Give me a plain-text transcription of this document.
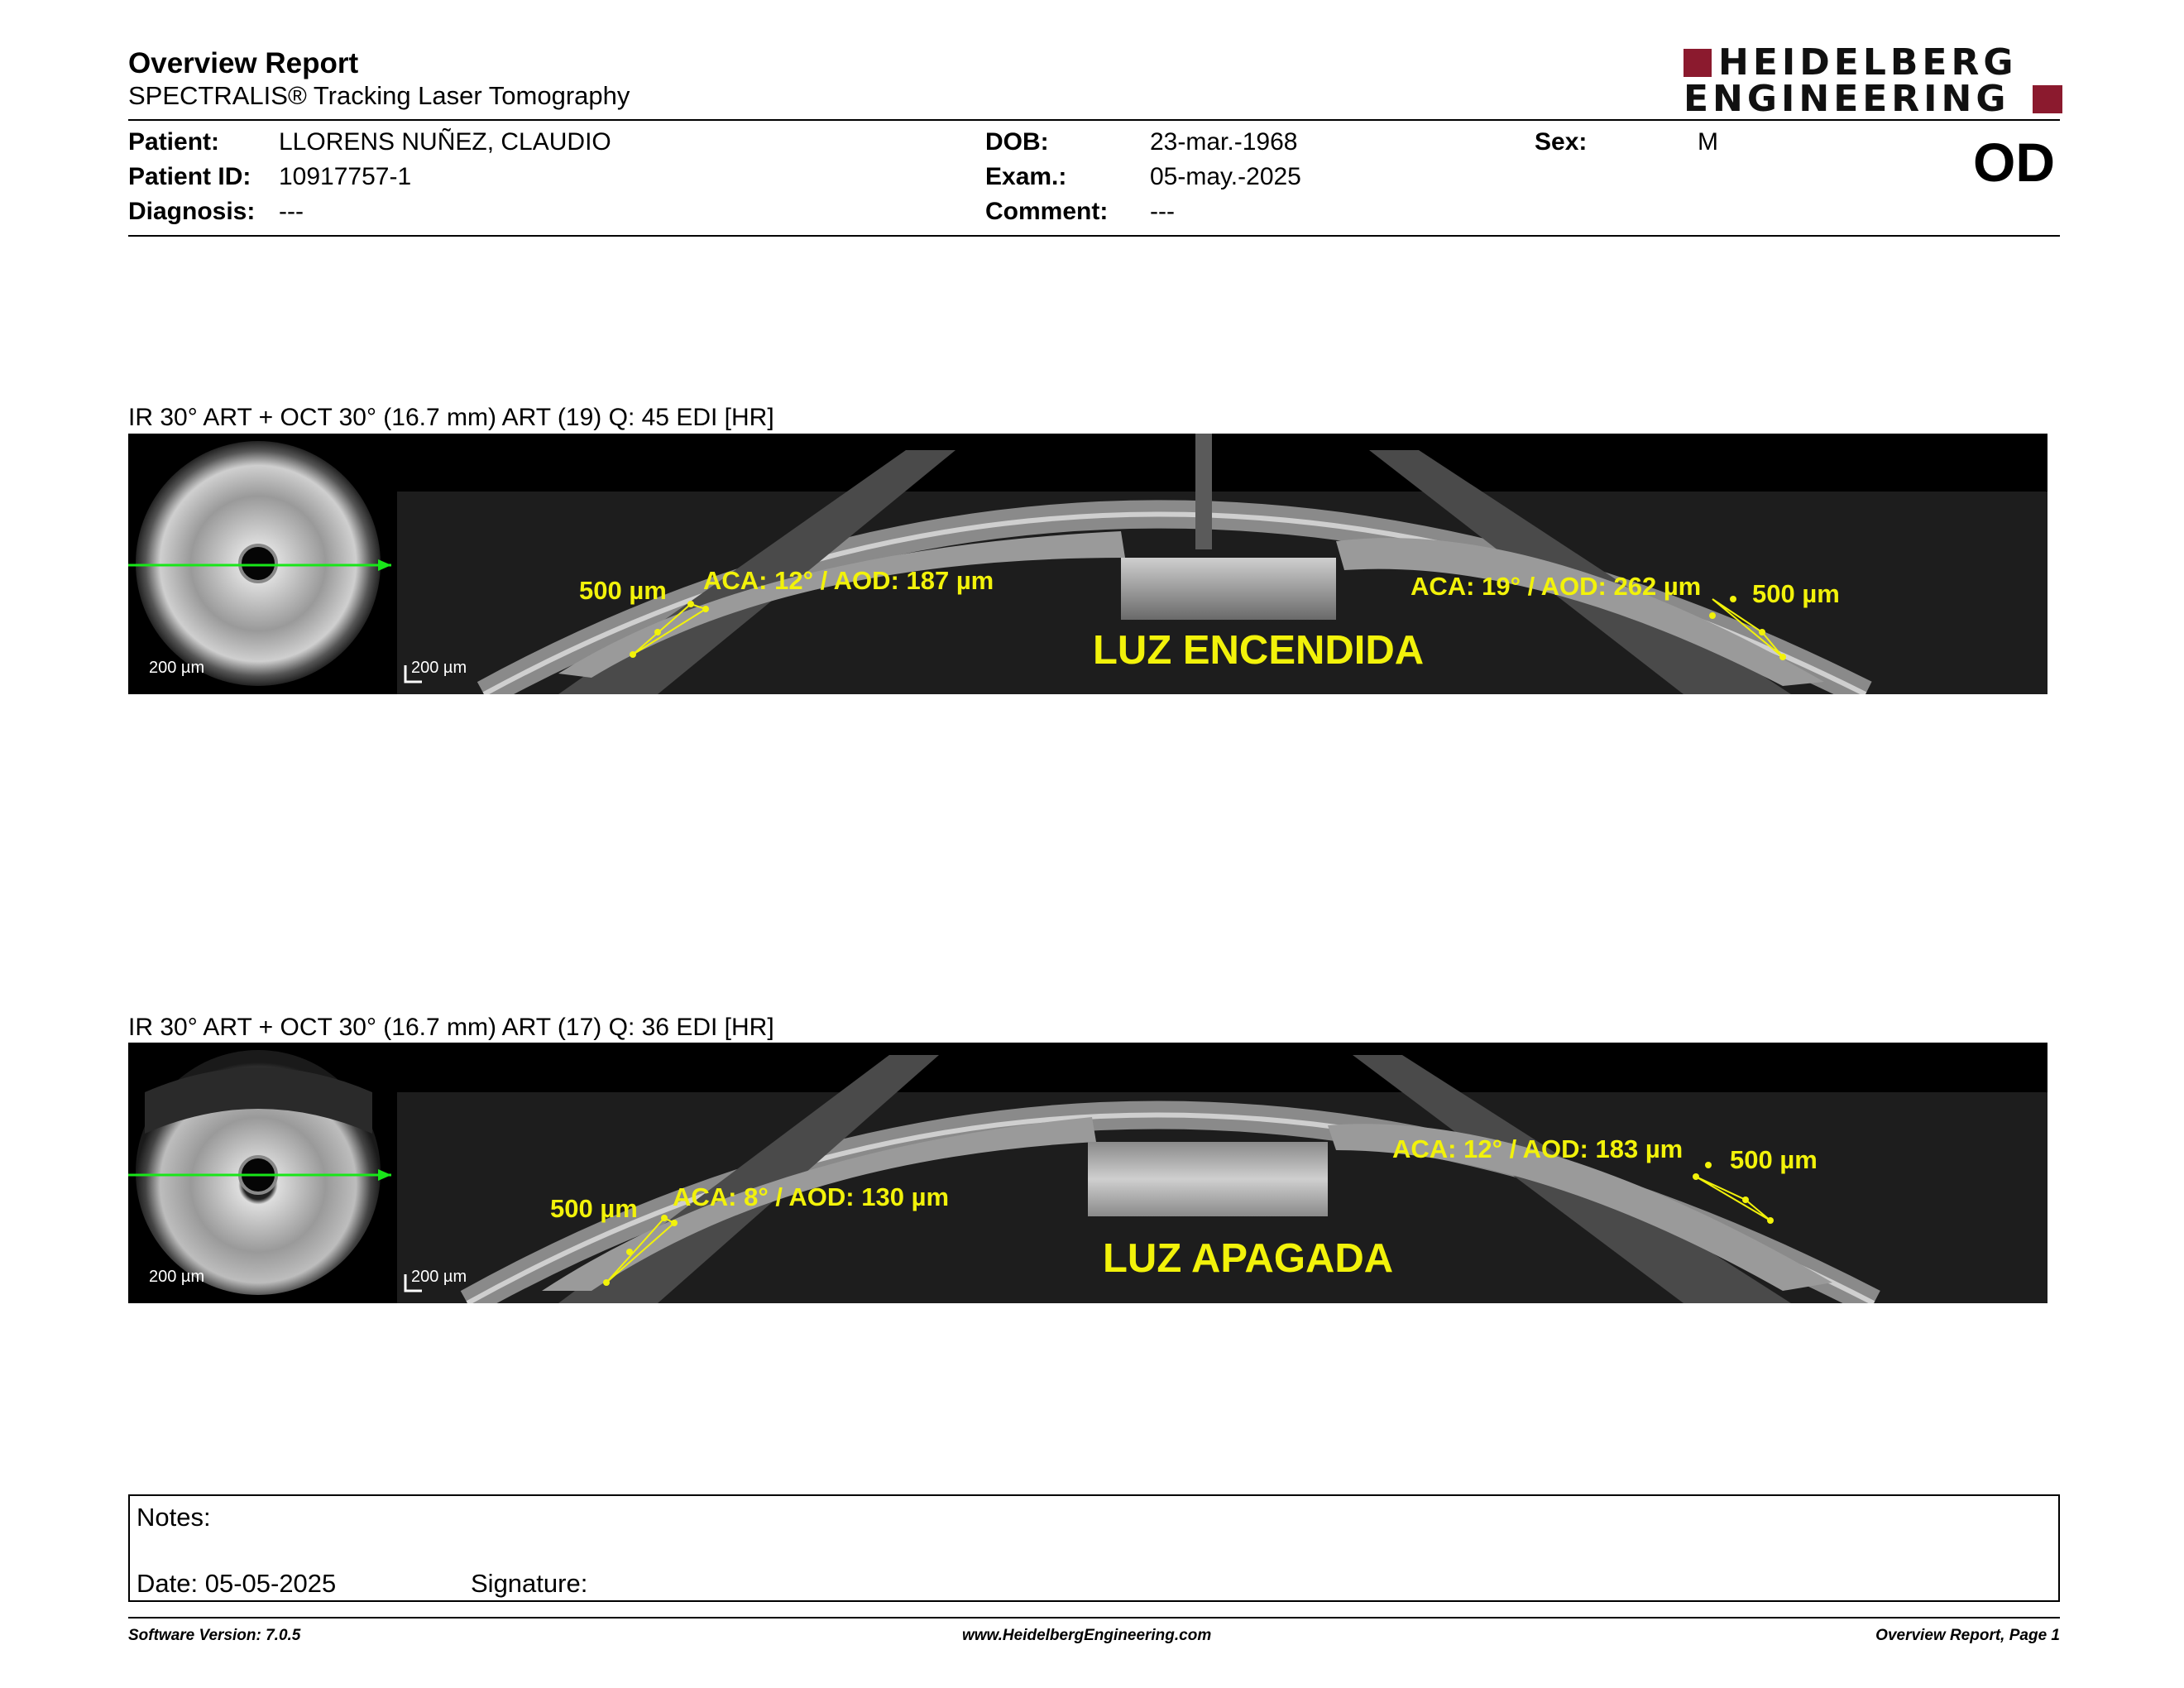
Overview Report
SPECTRALIS® Tracking Laser Tomography
HEIDELBERG
ENGINEERING
Patient: LLORENS NUÑEZ, CLAUDIO
Patient ID: 10917757-1
Diagnosis: ---
DOB:	23-mar.-1968
Exam.:	05-may.-2025
Comment: ---
Sex:	M	OD
IR 30° ART + OCT 30° (16.7 mm) ART (19) Q: 45 EDI [HR]
500 µm ACA: 12° / AOD: 187 µm	ACA: 19° / AOD: 262 µm 500 µm
LUZ ENCENDIDA
200 µm	200 µm
IR 30° ART + OCT 30° (16.7 mm) ART (17) Q: 36 EDI [HR]
500 µm ACA: 8° / AOD: 130 µm
ACA: 12° / AOD: 183 µm 500 µm
LUZ APAGADA
200 µm	200 µm
Notes:
Date: 05-05-2025	Signature:
Software Version: 7.0.5	www.HeidelbergEngineering.com	Overview Report, Page 1
